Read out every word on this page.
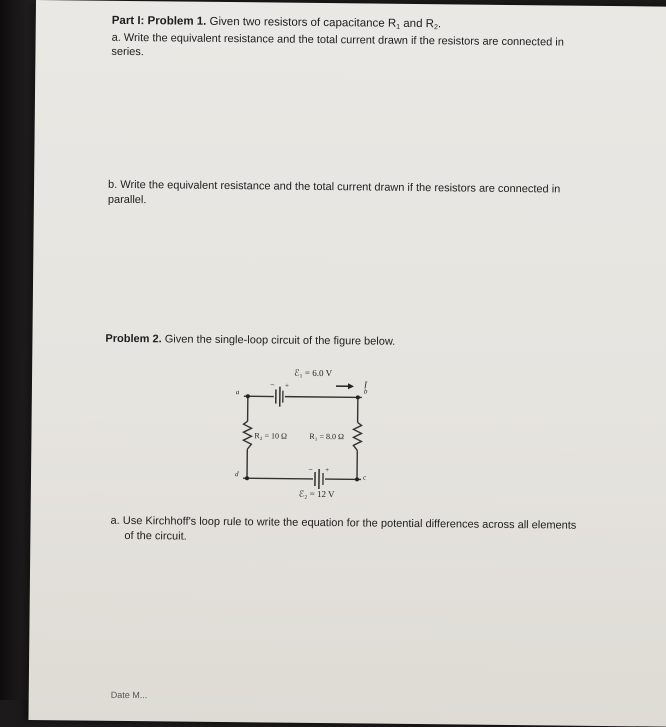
Part I: Problem 1. Given two resistors of capacitance $R_1$ and $R_2$.
a. Write the equivalent resistance and the total current drawn if the resistors are connected in
series.
b. Write the equivalent resistance and the total current drawn if the resistors are connected in
parallel.
Problem 2. Given the single-loop circuit of the figure below.
ℰ₁ = 6.0 V
− +	I
a	b
c
d
R₂ = 10 Ω	R₁ = 8.0 Ω
− +
ℰ₂ = 12 V
a. Use Kirchhoff's loop rule to write the equation for the potential differences across all elements
of the circuit.
Date M...
